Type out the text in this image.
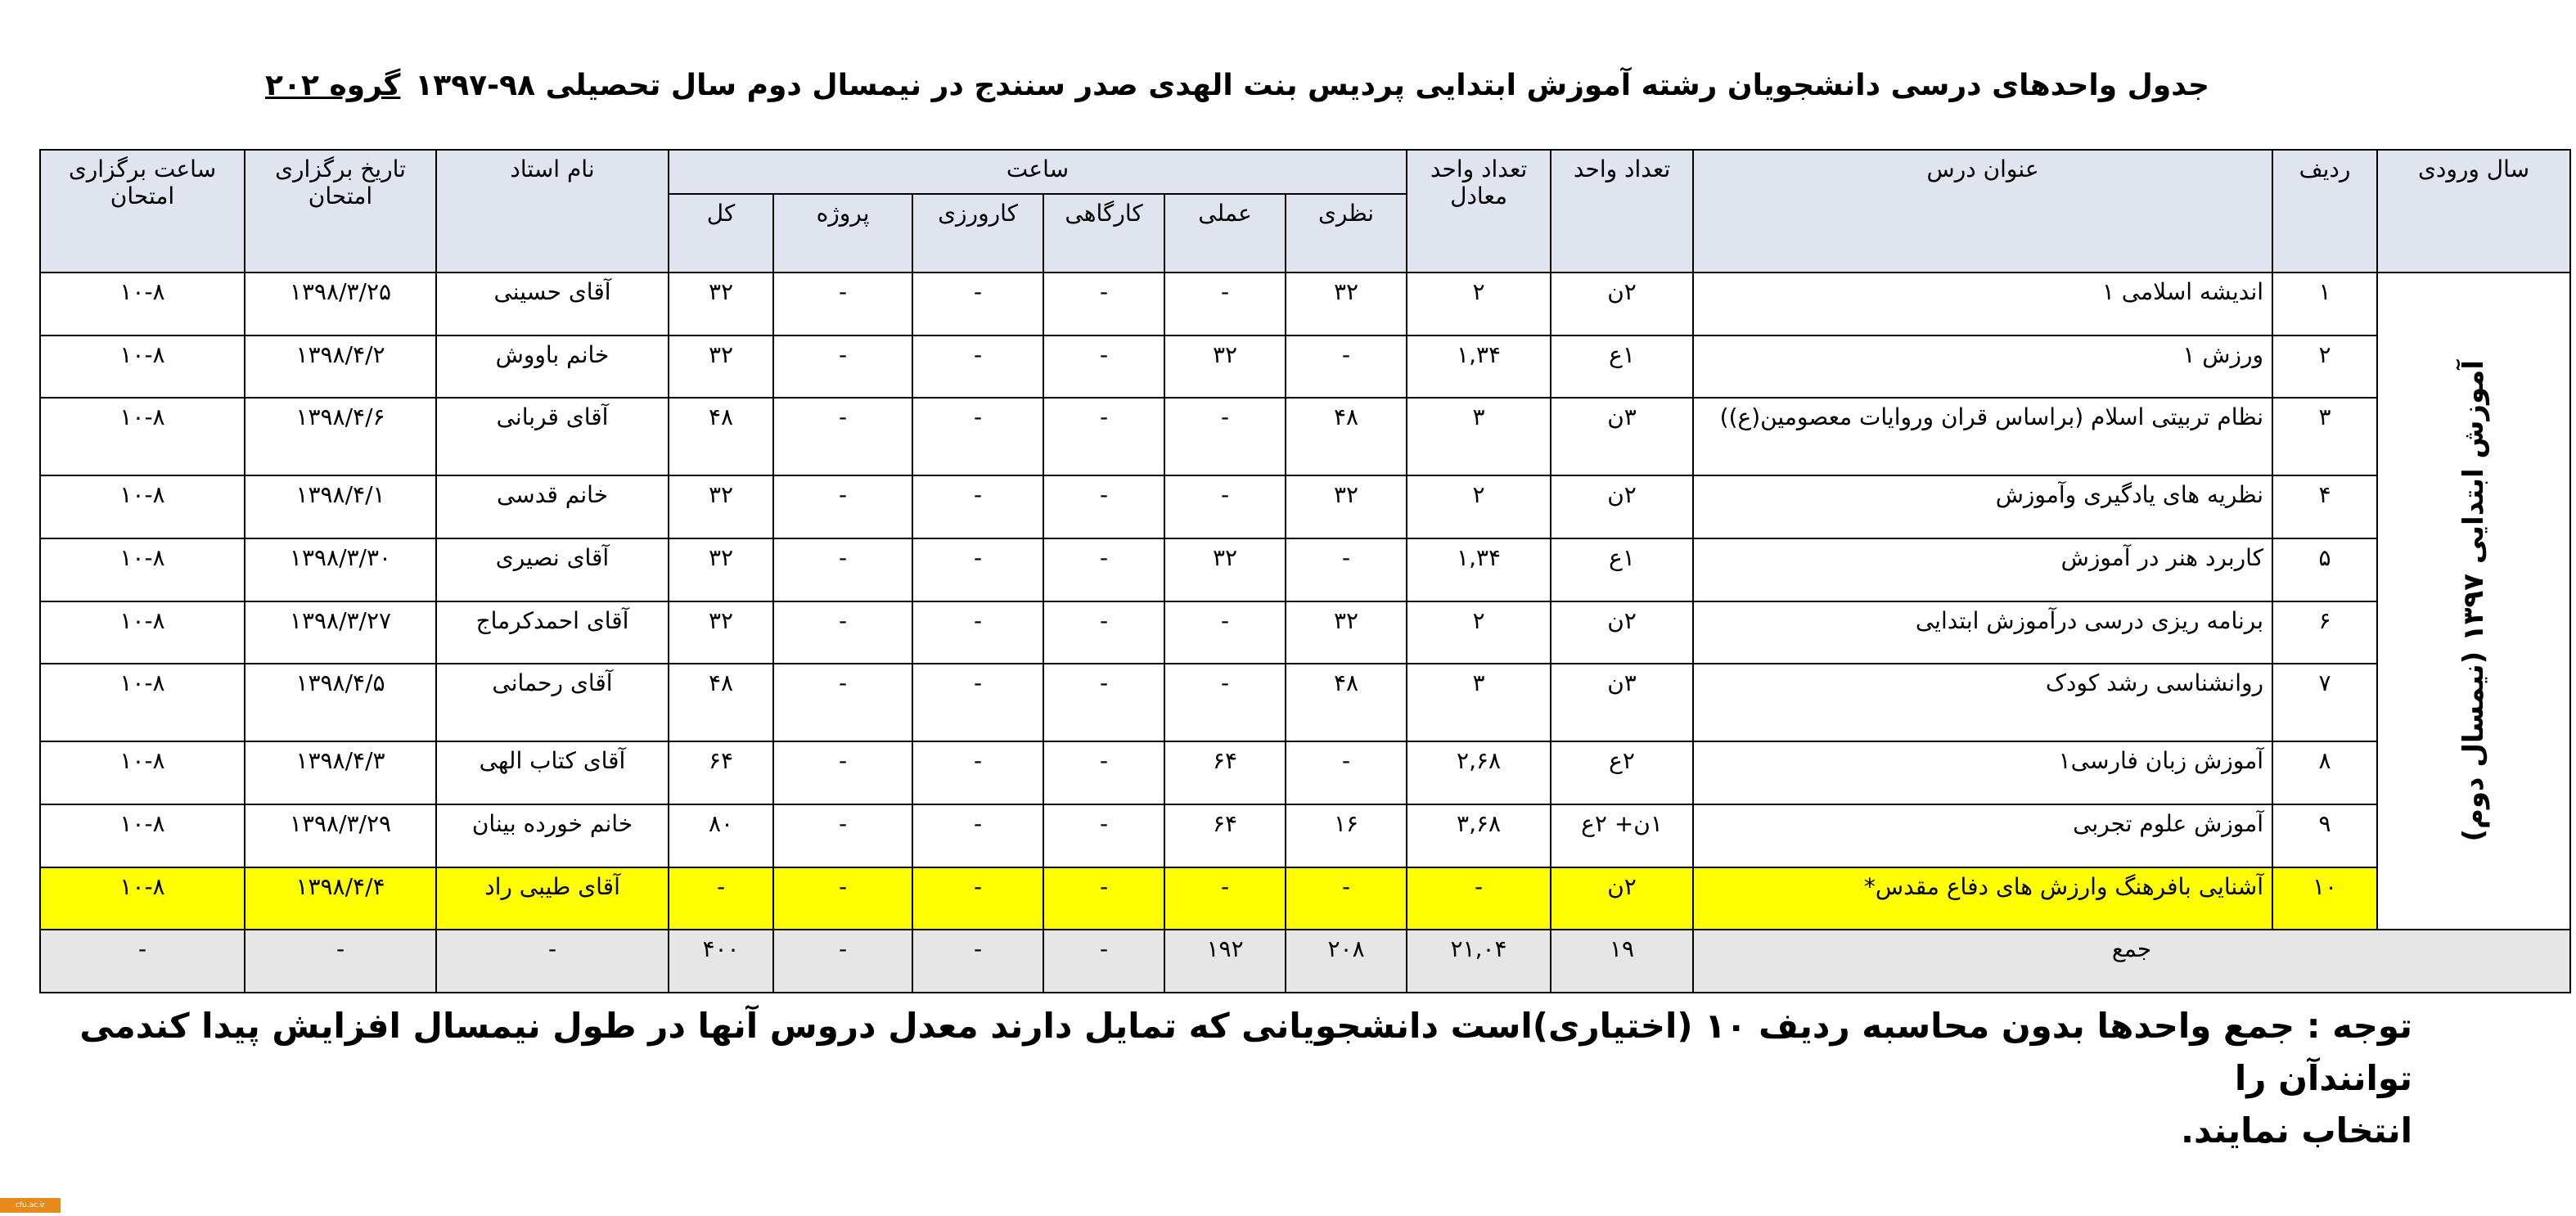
جدول واحدهای درسی دانشجویان رشته آموزش ابتدایی پردیس بنت الهدی صدر سنندج در نیمسال دوم سال تحصیلی ۹۸-۱۳۹۷
گروه ۲۰۲
سال ورودی	ردیف	عنوان درس	تعداد واحد	تعداد واحد معادل	ساعت						نام استاد	تاریخ برگزاری امتحان	ساعت برگزاری امتحان
					نظری	عملی	کارگاهی	کارورزی	پروژه	کل			

آموزش ابتدایی ۱۳۹۷ (نیمسال دوم)	۱	اندیشه اسلامی ۱	۲ن	۲	۳۲	-	-	-	-	۳۲	آقای حسینی	۱۳۹۸/۳/۲۵	۱۰-۸
	۲	ورزش ۱	۱ع	۱,۳۴	-	۳۲	-	-	-	۳۲	خانم باووش	۱۳۹۸/۴/۲	۱۰-۸
	۳	نظام تربیتی اسلام (براساس قران وروایات معصومین(ع))	۳ن	۳	۴۸	-	-	-	-	۴۸	آقای قربانی	۱۳۹۸/۴/۶	۱۰-۸
	۴	نظریه های یادگیری وآموزش	۲ن	۲	۳۲	-	-	-	-	۳۲	خانم قدسی	۱۳۹۸/۴/۱	۱۰-۸
	۵	کاربرد هنر در آموزش	۱ع	۱,۳۴	-	۳۲	-	-	-	۳۲	آقای نصیری	۱۳۹۸/۳/۳۰	۱۰-۸
	۶	برنامه ریزی درسی درآموزش ابتدایی	۲ن	۲	۳۲	-	-	-	-	۳۲	آقای احمدکرماج	۱۳۹۸/۳/۲۷	۱۰-۸
	۷	روانشناسی رشد کودک	۳ن	۳	۴۸	-	-	-	-	۴۸	آقای رحمانی	۱۳۹۸/۴/۵	۱۰-۸
	۸	آموزش زبان فارسی۱	۲ع	۲,۶۸	-	۶۴	-	-	-	۶۴	آقای کتاب الهی	۱۳۹۸/۴/۳	۱۰-۸
	۹	آموزش علوم تجربی	۱ن+ ۲ع	۳,۶۸	۱۶	۶۴	-	-	-	۸۰	خانم خورده بینان	۱۳۹۸/۳/۲۹	۱۰-۸
	۱۰	آشنایی بافرهنگ وارزش های دفاع مقدس*	۲ن	-	-	-	-	-	-	-	آقای طیبی راد	۱۳۹۸/۴/۴	۱۰-۸
جمع			۱۹	۲۱,۰۴	۲۰۸	۱۹۲	-	-	-	۴۰۰	-	-	-
توجه : جمع واحدها بدون محاسبه ردیف ۱۰ (اختیاری)است دانشجویانی که تمایل دارند معدل دروس آنها در طول نیمسال افزایش پیدا کندمی توانندآن را
انتخاب نمایند.
cfu.ac.ir
